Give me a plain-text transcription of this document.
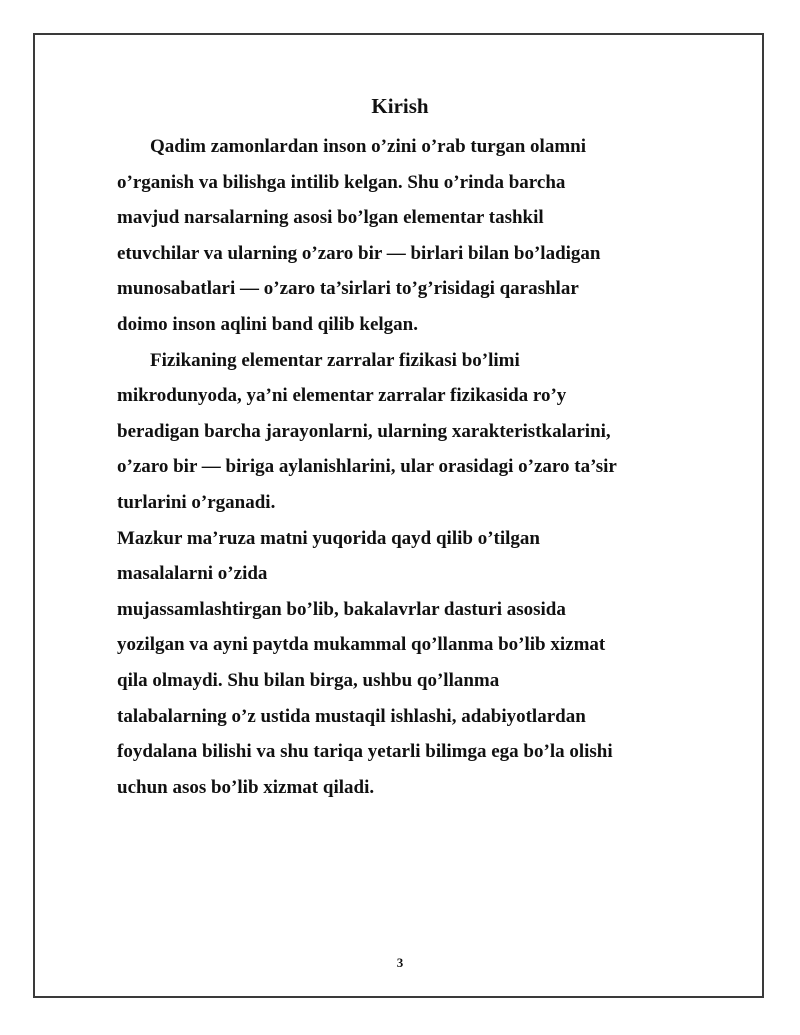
Kirish
Qadim zamonlardan inson o’zini o’rab turgan olamni
o’rganish va bilishga intilib kelgan. Shu o’rinda barcha
mavjud narsalarning asosi bo’lgan elementar tashkil
etuvchilar va ularning o’zaro bir — birlari bilan bo’ladigan
munosabatlari — o’zaro ta’sirlari to’g’risidagi qarashlar
doimo inson aqlini band qilib kelgan.
Fizikaning elementar zarralar fizikasi bo’limi
mikrodunyoda, ya’ni elementar zarralar fizikasida ro’y
beradigan barcha jarayonlarni, ularning xarakteristkalarini,
o’zaro bir — biriga aylanishlarini, ular orasidagi o’zaro ta’sir
turlarini o’rganadi.
Mazkur ma’ruza matni yuqorida qayd qilib o’tilgan
masalalarni o’zida
mujassamlashtirgan bo’lib, bakalavrlar dasturi asosida
yozilgan va ayni paytda mukammal qo’llanma bo’lib xizmat
qila olmaydi. Shu bilan birga, ushbu qo’llanma
talabalarning o’z ustida mustaqil ishlashi, adabiyotlardan
foydalana bilishi va shu tariqa yetarli bilimga ega bo’la olishi
uchun asos bo’lib xizmat qiladi.
3
